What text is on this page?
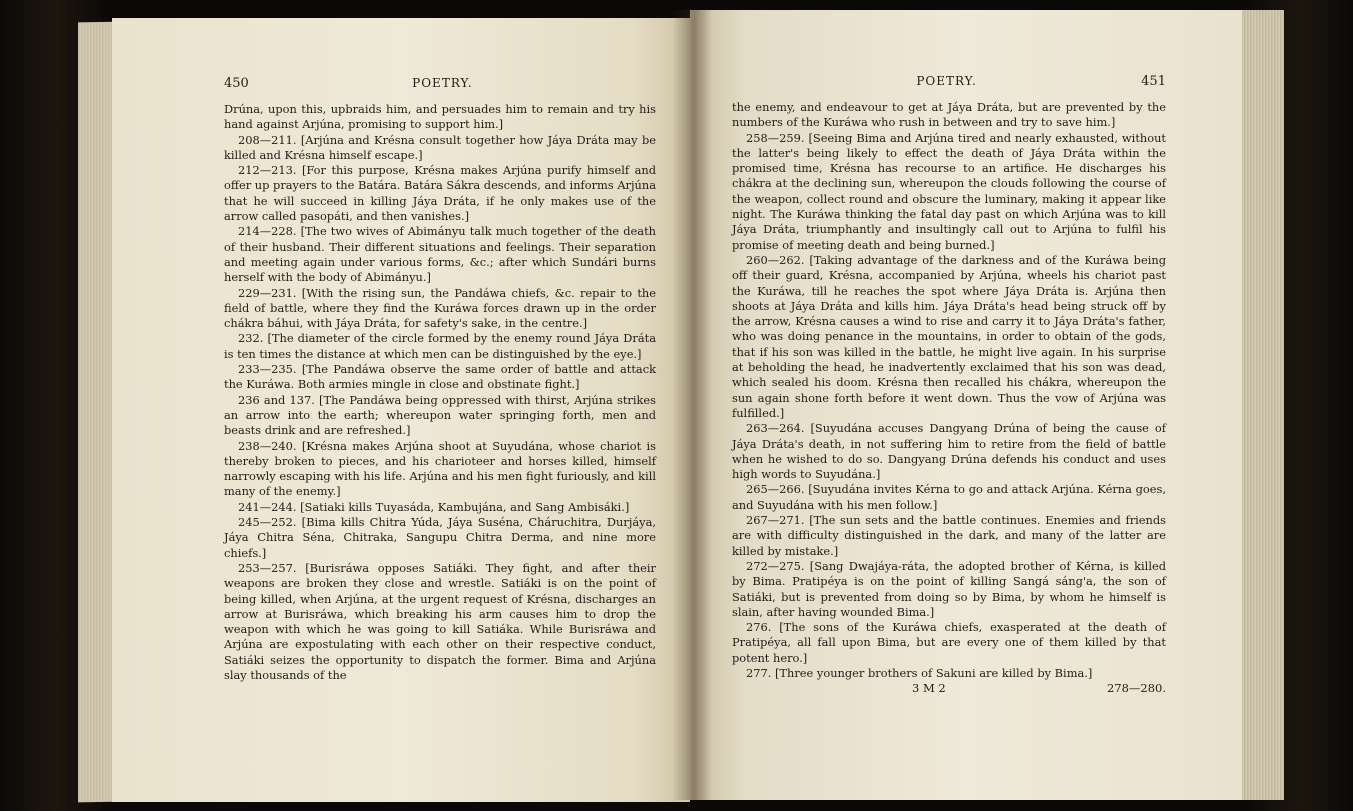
450	POETRY.

Drúna, upon this, upbraids him, and persuades him to remain and try his hand against Arjúna, promising to support him.]

208—211. [Arjúna and Krésna consult together how Jáya Dráta may be killed and Krésna himself escape.]

212—213. [For this purpose, Krésna makes Arjúna purify himself and offer up prayers to the Batára. Batára Sákra descends, and informs Arjúna that he will succeed in killing Jáya Dráta, if he only makes use of the arrow called pasopáti, and then vanishes.]

214—228. [The two wives of Abimányu talk much together of the death of their husband. Their different situations and feelings. Their separation and meeting again under various forms, &c.; after which Sundári burns herself with the body of Abimányu.]

229—231. [With the rising sun, the Pandáwa chiefs, &c. repair to the field of battle, where they find the Kuráwa forces drawn up in the order chákra báhui, with Jáya Dráta, for safety's sake, in the centre.]

232. [The diameter of the circle formed by the enemy round Jáya Dráta is ten times the distance at which men can be distinguished by the eye.]

233—235. [The Pandáwa observe the same order of battle and attack the Kuráwa. Both armies mingle in close and obstinate fight.]

236 and 137. [The Pandáwa being oppressed with thirst, Arjúna strikes an arrow into the earth; whereupon water springing forth, men and beasts drink and are refreshed.]

238—240. [Krésna makes Arjúna shoot at Suyudána, whose chariot is thereby broken to pieces, and his charioteer and horses killed, himself narrowly escaping with his life. Arjúna and his men fight furiously, and kill many of the enemy.]

241—244. [Satiaki kills Tuyasáda, Kambujána, and Sang Ambisáki.]

245—252. [Bima kills Chitra Yúda, Jáya Suséna, Cháruchitra, Durjáya, Jáya Chitra Séna, Chitraka, Sangupu Chitra Derma, and nine more chiefs.]

253—257. [Burisráwa opposes Satiáki. They fight, and after their weapons are broken they close and wrestle. Satiáki is on the point of being killed, when Arjúna, at the urgent request of Krésna, discharges an arrow at Burisráwa, which breaking his arm causes him to drop the weapon with which he was going to kill Satiáka. While Burisráwa and Arjúna are expostulating with each other on their respective conduct, Satiáki seizes the opportunity to dispatch the former. Bima and Arjúna slay thousands of the

POETRY.	451

the enemy, and endeavour to get at Jáya Dráta, but are prevented by the numbers of the Kuráwa who rush in between and try to save him.]

258—259. [Seeing Bima and Arjúna tired and nearly exhausted, without the latter's being likely to effect the death of Jáya Dráta within the promised time, Krésna has recourse to an artifice. He discharges his chákra at the declining sun, whereupon the clouds following the course of the weapon, collect round and obscure the luminary, making it appear like night. The Kuráwa thinking the fatal day past on which Arjúna was to kill Jáya Dráta, triumphantly and insultingly call out to Arjúna to fulfil his promise of meeting death and being burned.]

260—262. [Taking advantage of the darkness and of the Kuráwa being off their guard, Krésna, accompanied by Arjúna, wheels his chariot past the Kuráwa, till he reaches the spot where Jáya Dráta is. Arjúna then shoots at Jáya Dráta and kills him. Jáya Dráta's head being struck off by the arrow, Krésna causes a wind to rise and carry it to Jáya Dráta's father, who was doing penance in the mountains, in order to obtain of the gods, that if his son was killed in the battle, he might live again. In his surprise at beholding the head, he inadvertently exclaimed that his son was dead, which sealed his doom. Krésna then recalled his chákra, whereupon the sun again shone forth before it went down. Thus the vow of Arjúna was fulfilled.]

263—264. [Suyudána accuses Dangyang Drúna of being the cause of Jáya Dráta's death, in not suffering him to retire from the field of battle when he wished to do so. Dangyang Drúna defends his conduct and uses high words to Suyudána.]

265—266. [Suyudána invites Kérna to go and attack Arjúna. Kérna goes, and Suyudána with his men follow.]

267—271. [The sun sets and the battle continues. Enemies and friends are with difficulty distinguished in the dark, and many of the latter are killed by mistake.]

272—275. [Sang Dwajáya-ráta, the adopted brother of Kérna, is killed by Bima. Pratipéya is on the point of killing Sangá sáng'a, the son of Satiáki, but is prevented from doing so by Bima, by whom he himself is slain, after having wounded Bima.]

276. [The sons of the Kuráwa chiefs, exasperated at the death of Pratipéya, all fall upon Bima, but are every one of them killed by that potent hero.]

277. [Three younger brothers of Sakuni are killed by Bima.]

3 M 2	278—280.
